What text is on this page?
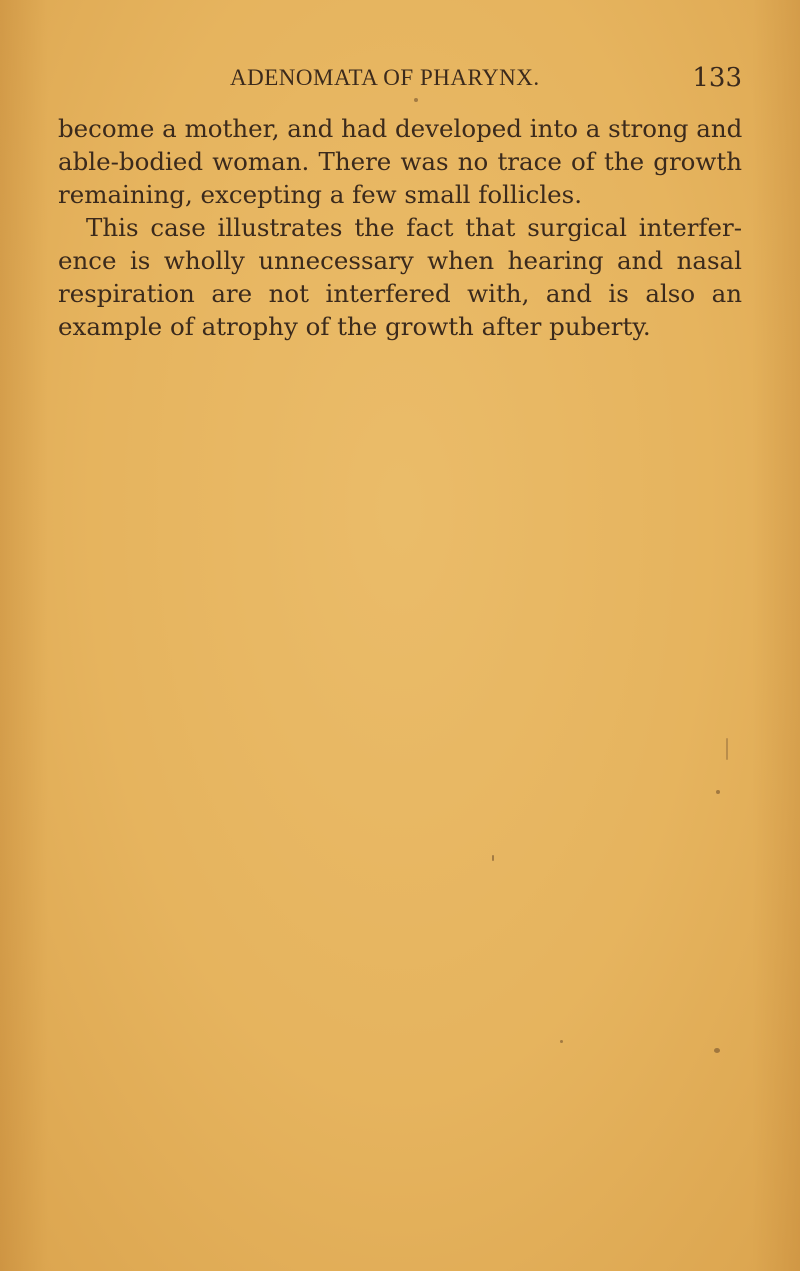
ADENOMATA OF PHARYNX.	133
become a mother, and had developed into a strong and
able-bodied woman. There was no trace of the growth
remaining, excepting a few small follicles.
This case illustrates the fact that surgical interfer-
ence is wholly unnecessary when hearing and nasal
respiration are not interfered with, and is also an
example of atrophy of the growth after puberty.
